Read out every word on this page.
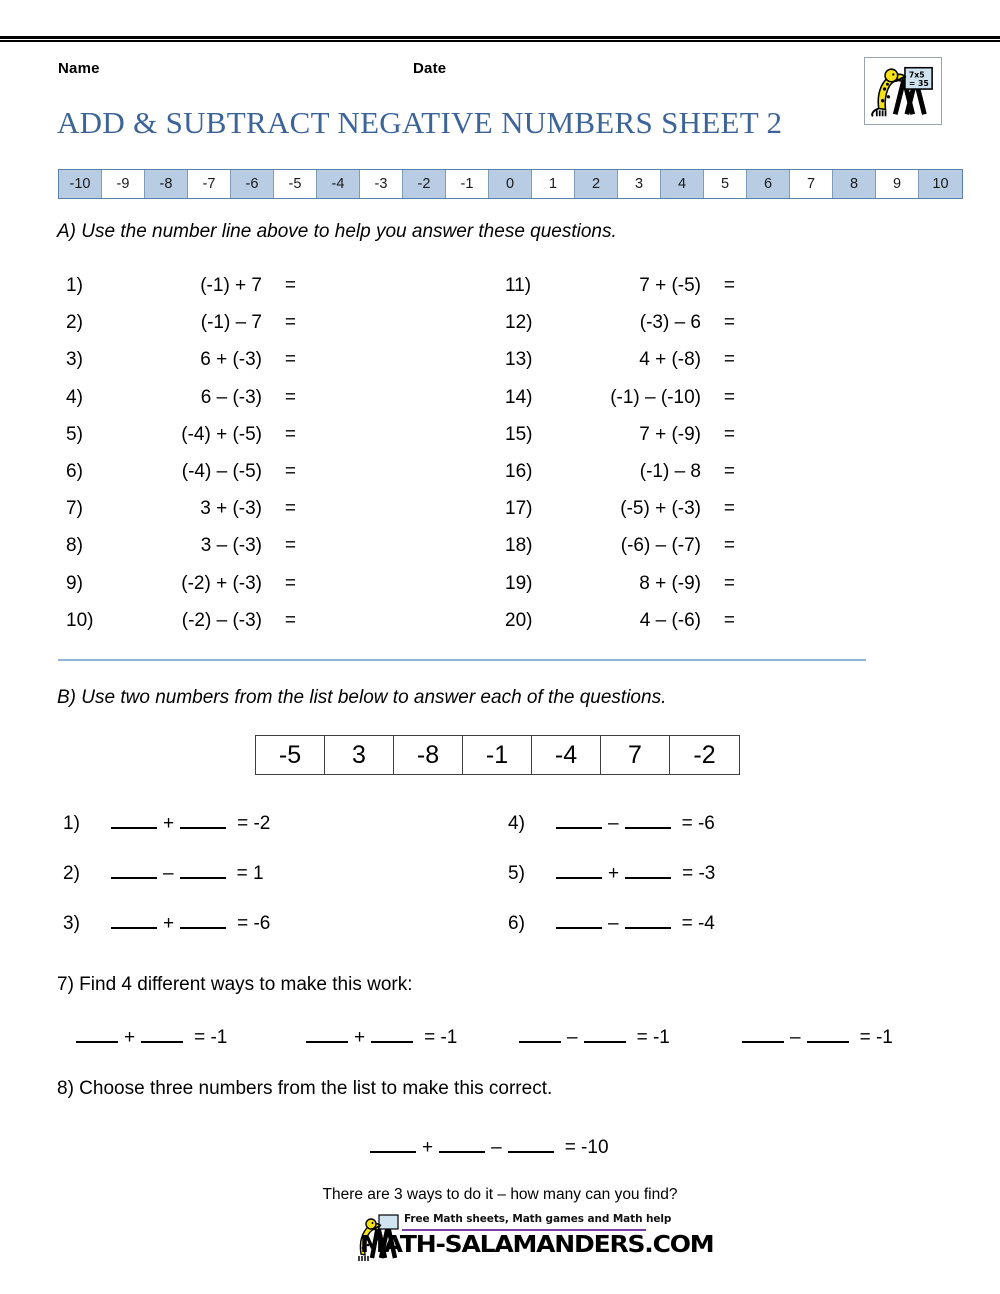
Name	Date
ADD & SUBTRACT NEGATIVE NUMBERS SHEET 2
7x5
= 35
-10	-9	-8	-7	-6	-5	-4	-3	-2	-1	0	1	2	3	4	5	6	7	8	9	10
A) Use the number line above to help you answer these questions.
1)	(-1) + 7	=
2)	(-1) – 7	=
3)	6 + (-3)	=
4)	6 – (-3)	=
5)	(-4) + (-5)	=
6)	(-4) – (-5)	=
7)	3 + (-3)	=
8)	3 – (-3)	=
9)	(-2) + (-3)	=
10)	(-2) – (-3)	=
11)	7 + (-5)	=
12)	(-3) – 6	=
13)	4 + (-8)	=
14)	(-1) – (-10)	=
15)	7 + (-9)	=
16)	(-1) – 8	=
17)	(-5) + (-3)	=
18)	(-6) – (-7)	=
19)	8 + (-9)	=
20)	4 – (-6)	=
B) Use two numbers from the list below to answer each of the questions.
-5	3	-8	-1	-4	7	-2
1)	+	= -2
2)	–	= 1
3)	+	= -6
4)	–	= -6
5)	+	= -3
6)	–	= -4
7) Find 4 different ways to make this work:
+	= -1	+	= -1	–	= -1	–	= -1
8) Choose three numbers from the list to make this correct.
+	–	= -10
There are 3 ways to do it – how many can you find?
Free Math sheets, Math games and Math help
MATH-SALAMANDERS.COM
